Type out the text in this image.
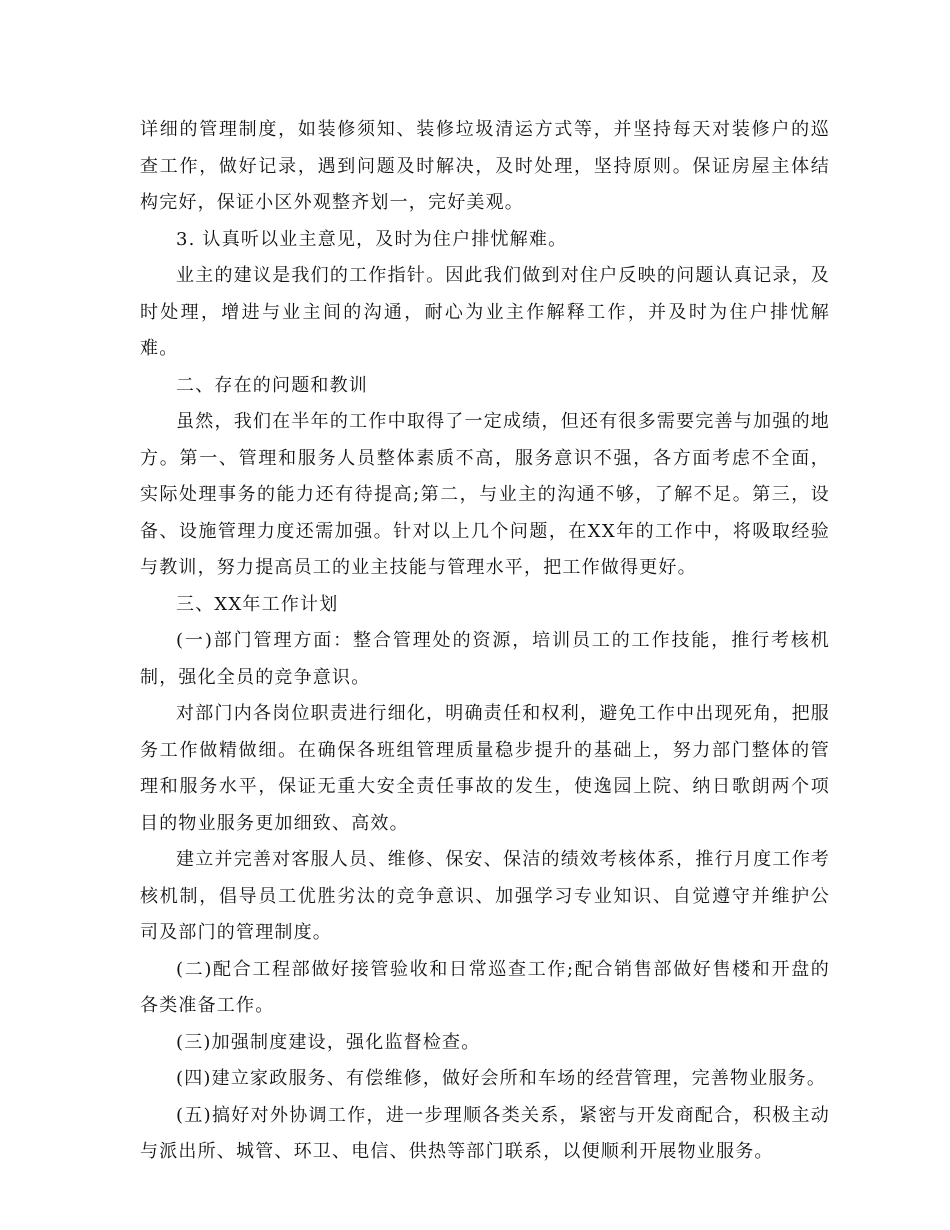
详细的管理制度，如装修须知、装修垃圾清运方式等，并坚持每天对装修户的巡查工作，做好记录，遇到问题及时解决，及时处理，坚持原则。保证房屋主体结构完好，保证小区外观整齐划一，完好美观。

3. 认真听以业主意见，及时为住户排忧解难。

业主的建议是我们的工作指针。因此我们做到对住户反映的问题认真记录，及时处理，增进与业主间的沟通，耐心为业主作解释工作，并及时为住户排忧解难。

二、存在的问题和教训

虽然，我们在半年的工作中取得了一定成绩，但还有很多需要完善与加强的地方。第一、管理和服务人员整体素质不高，服务意识不强，各方面考虑不全面，实际处理事务的能力还有待提高;第二，与业主的沟通不够，了解不足。第三，设备、设施管理力度还需加强。针对以上几个问题，在XX年的工作中，将吸取经验与教训，努力提高员工的业主技能与管理水平，把工作做得更好。

三、XX年工作计划

(一)部门管理方面：整合管理处的资源，培训员工的工作技能，推行考核机制，强化全员的竞争意识。

对部门内各岗位职责进行细化，明确责任和权利，避免工作中出现死角，把服务工作做精做细。在确保各班组管理质量稳步提升的基础上，努力部门整体的管理和服务水平，保证无重大安全责任事故的发生，使逸园上院、纳日歌朗两个项目的物业服务更加细致、高效。

建立并完善对客服人员、维修、保安、保洁的绩效考核体系，推行月度工作考核机制，倡导员工优胜劣汰的竞争意识、加强学习专业知识、自觉遵守并维护公司及部门的管理制度。

(二)配合工程部做好接管验收和日常巡查工作;配合销售部做好售楼和开盘的各类准备工作。

(三)加强制度建设，强化监督检查。

(四)建立家政服务、有偿维修，做好会所和车场的经营管理，完善物业服务。

(五)搞好对外协调工作，进一步理顺各类关系，紧密与开发商配合，积极主动与派出所、城管、环卫、电信、供热等部门联系，以便顺利开展物业服务。
